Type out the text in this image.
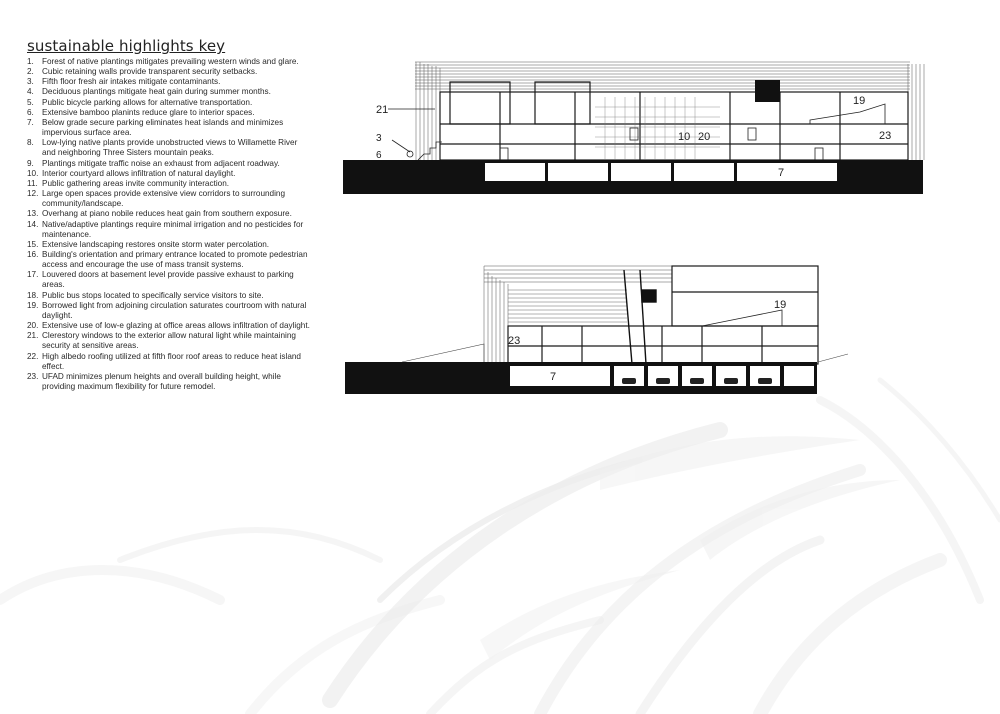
sustainable highlights key
1. Forest of native plantings mitigates prevailing western winds and glare.
2. Cubic retaining walls provide transparent security setbacks.
3. Fifth floor fresh air intakes mitigate contaminants.
4. Deciduous plantings mitigate heat gain during summer months.
5. Public bicycle parking allows for alternative transportation.
6. Extensive bamboo planints reduce glare to interior spaces.
7. Below grade secure parking eliminates heat islands and minimizes impervious surface area.
8. Low-lying native plants provide unobstructed views to Willamette River and neighboring Three Sisters mountain peaks.
9. Plantings mitigate traffic noise an exhaust from adjacent roadway.
10. Interior courtyard allows infiltration of natural daylight.
11. Public gathering areas invite community interaction.
12. Large open spaces provide extensive view corridors to surrounding community/landscape.
13. Overhang at piano nobile reduces heat gain from southern exposure.
14. Native/adaptive plantings require minimal irrigation and no pesticides for maintenance.
15. Extensive landscaping restores onsite storm water percolation.
16. Building's orientation and primary entrance located to promote pedestrian access and encourage the use of mass transit systems.
17. Louvered doors at basement level provide passive exhaust to parking areas.
18. Public bus stops located to specifically service visitors to site.
19. Borrowed light from adjoining circulation saturates courtroom with natural daylight.
20. Extensive use of low-e glazing at office areas allows infiltration of daylight.
21. Clerestory windows to the exterior allow natural light while maintaining security at sensitive areas.
22. High albedo roofing utilized at fifth floor roof areas to reduce heat island effect.
23. UFAD minimizes plenum heights and overall building height, while providing maximum flexibility for future remodel.
21
3
6
19
10 20	23
7
19
23
7
